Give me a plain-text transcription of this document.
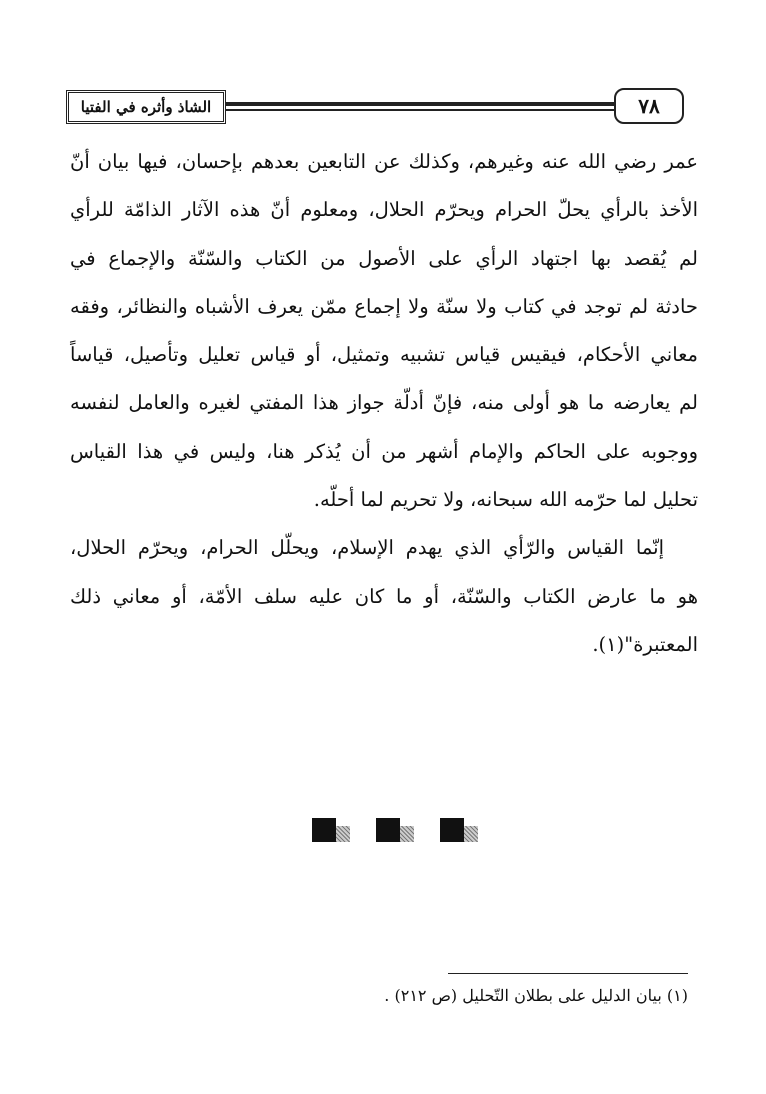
الشاذ وأثره في الفتيا	٧٨
عمر رضي الله عنه وغيرهم، وكذلك عن التابعين بعدهم بإحسان، فيها بيان أنّ
الأخذ بالرأي يحلّ الحرام ويحرّم الحلال، ومعلوم أنّ هذه الآثار الذامّة للرأي
لم يُقصد بها اجتهاد الرأي على الأصول من الكتاب والسّنّة والإجماع في
حادثة لم توجد في كتاب ولا سنّة ولا إجماع ممّن يعرف الأشباه والنظائر، وفقه
معاني الأحكام، فيقيس قياس تشبيه وتمثيل، أو قياس تعليل وتأصيل، قياساً
لم يعارضه ما هو أولى منه، فإنّ أدلّة جواز هذا المفتي لغيره والعامل لنفسه
ووجوبه على الحاكم والإمام أشهر من أن يُذكر هنا، وليس في هذا القياس
تحليل لما حرّمه الله سبحانه، ولا تحريم لما أحلّه.
إنّما القياس والرّأي الذي يهدم الإسلام، ويحلّل الحرام، ويحرّم الحلال،
هو ما عارض الكتاب والسّنّة، أو ما كان عليه سلف الأمّة، أو معاني ذلك
المعتبرة"(١).
(١) بيان الدليل على بطلان التّحليل (ص ٢١٢) .
